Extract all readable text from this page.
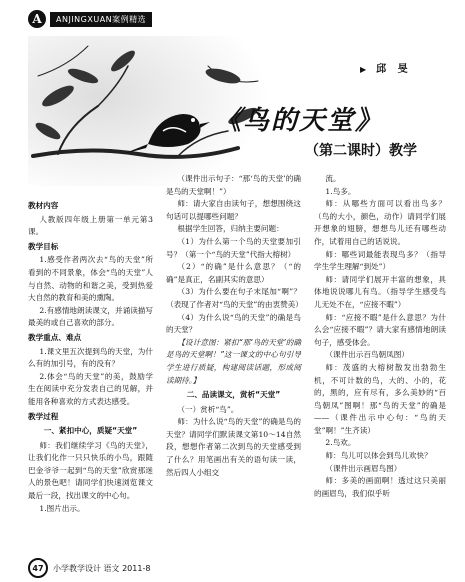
A	ANJINGXUAN案例精选
▶ 邱 旻
《鸟的天堂》
（第二课时）教学

教材内容

人教版四年级上册第一单元第3课。

教学目标

1.感受作者两次去“鸟的天堂”所看到的不同景象，体会“鸟的天堂”人与自然、动物的和谐之美，受到热爱大自然的教育和美的熏陶。

2.有感情地朗读课文，并诵读描写最美的或自己喜欢的部分。

教学重点、难点

1.课文里五次提到鸟的天堂，为什么有的加引号，有的没有？

2.体会“鸟的天堂”的美，鼓励学生在阅读中充分发表自己的见解，并能用各种喜欢的方式表达感受。

教学过程

一、紧扣中心，质疑“天堂”

师：我们继续学习《鸟的天堂》，让我们化作一只只快乐的小鸟，跟随巴金爷爷一起到“鸟的天堂”欣赏那迷人的景色吧！请同学们快速浏览课文最后一段，找出课文的中心句。

1.图片出示。

（课件出示句子：“那‘鸟的天堂’的确是鸟的天堂啊！”）

师：请大家自由读句子，想想围绕这句话可以提哪些问题？

根据学生回答，归纳主要问题：

（1）为什么第一个鸟的天堂要加引号？（第一个“鸟的天堂”代指大榕树）

（2）“的确”是什么意思？（“的确”是真正，名副其实的意思）

（3）为什么要在句子末尾加“啊”？（表现了作者对“鸟的天堂”的由衷赞美）

（4）为什么说“鸟的天堂”的确是鸟的天堂？

【设计意图：紧扣“那‘鸟的天堂’的确是鸟的天堂啊！”这一课文的中心句引导学生进行质疑，构建阅读话题，形成阅读期待。】

二、品读课文，赏析“天堂”

（一）赏析“鸟”。

师：为什么说“鸟的天堂”的确是鸟的天堂？请同学们默读课文第10～14自然段，想想作者第二次到鸟的天堂感受到了什么？用笔画出有关的语句读一读，然后四人小组交

流。

1.鸟多。

师：从哪些方面可以看出鸟多？（鸟的大小，颜色，动作）请同学们展开想象的翅膀，想想鸟儿还有哪些动作，试着用自己的话说说。

师：哪些词最能表现鸟多？（指导学生学生理解“到处”）

师：请同学们展开丰富的想象，具体地说说哪儿有鸟。（指导学生感受鸟儿无处不在，“应接不暇”）

师：“应接不暇”是什么意思？为什么会“应接不暇”？请大家有感情地朗读句子，感受体会。

（课件出示百鸟朝凤图）

师：茂盛的大榕树散发出勃勃生机，不可计数的鸟，大的、小的，花的，黑的，应有尽有，多么美妙的“百鸟朝凤”图啊！那“鸟的天堂”的确是——（课件出示中心句：“鸟的天堂”啊！”生齐读）

2.鸟欢。

师：鸟儿可以体会到鸟儿欢快？

（课件出示画眉鸟图）

师：多美的画面啊！透过这只美丽的画眉鸟，我们似乎听

47	小学教学设计 语文 2011-8
